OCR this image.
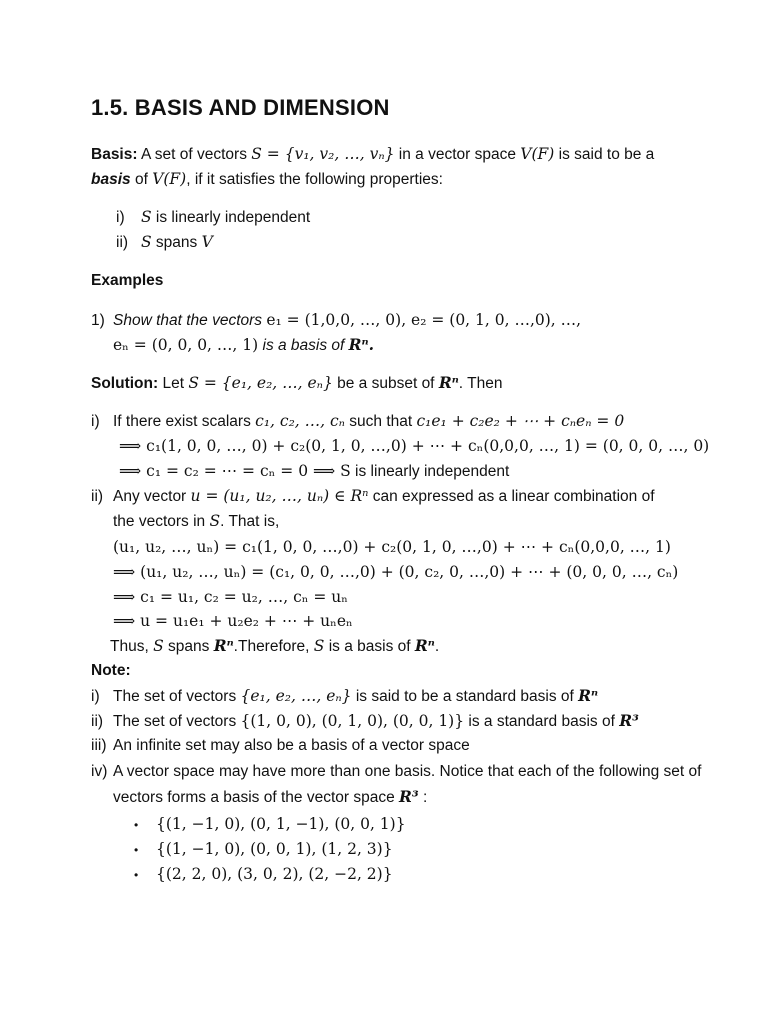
1.5. BASIS AND DIMENSION
Basis: A set of vectors S = {v₁, v₂, …, vₙ} in a vector space V(F) is said to be a
basis of V(F), if it satisfies the following properties:
i) S is linearly independent
ii) S spans V
Examples
1) Show that the vectors e₁ = (1,0,0, …, 0), e₂ = (0, 1, 0, …,0), …,
eₙ = (0, 0, 0, …, 1) is a basis of Rⁿ.
Solution: Let S = {e₁, e₂, …, eₙ} be a subset of Rⁿ. Then
i) If there exist scalars c₁, c₂, …, cₙ such that c₁e₁ + c₂e₂ + ⋯ + cₙeₙ = 0
⟹ c₁(1, 0, 0, …, 0) + c₂(0, 1, 0, …,0) + ⋯ + cₙ(0,0,0, …, 1) = (0, 0, 0, …, 0)
⟹ c₁ = c₂ = ⋯ = cₙ = 0 ⟹ S is linearly independent
ii) Any vector u = (u₁, u₂, …, uₙ) ∈ Rⁿ can expressed as a linear combination of
the vectors in S. That is,
(u₁, u₂, …, uₙ) = c₁(1, 0, 0, …,0) + c₂(0, 1, 0, …,0) + ⋯ + cₙ(0,0,0, …, 1)
⟹ (u₁, u₂, …, uₙ) = (c₁, 0, 0, …,0) + (0, c₂, 0, …,0) + ⋯ + (0, 0, 0, …, cₙ)
⟹ c₁ = u₁, c₂ = u₂, …, cₙ = uₙ
⟹ u = u₁e₁ + u₂e₂ + ⋯ + uₙeₙ
Thus, S spans Rⁿ.Therefore, S is a basis of Rⁿ.
Note:
i) The set of vectors {e₁, e₂, …, eₙ} is said to be a standard basis of Rⁿ
ii) The set of vectors {(1, 0, 0), (0, 1, 0), (0, 0, 1)} is a standard basis of R³
iii) An infinite set may also be a basis of a vector space
iv) A vector space may have more than one basis. Notice that each of the following set of
vectors forms a basis of the vector space R³ :
• {(1, −1, 0), (0, 1, −1), (0, 0, 1)}
• {(1, −1, 0), (0, 0, 1), (1, 2, 3)}
• {(2, 2, 0), (3, 0, 2), (2, −2, 2)}
